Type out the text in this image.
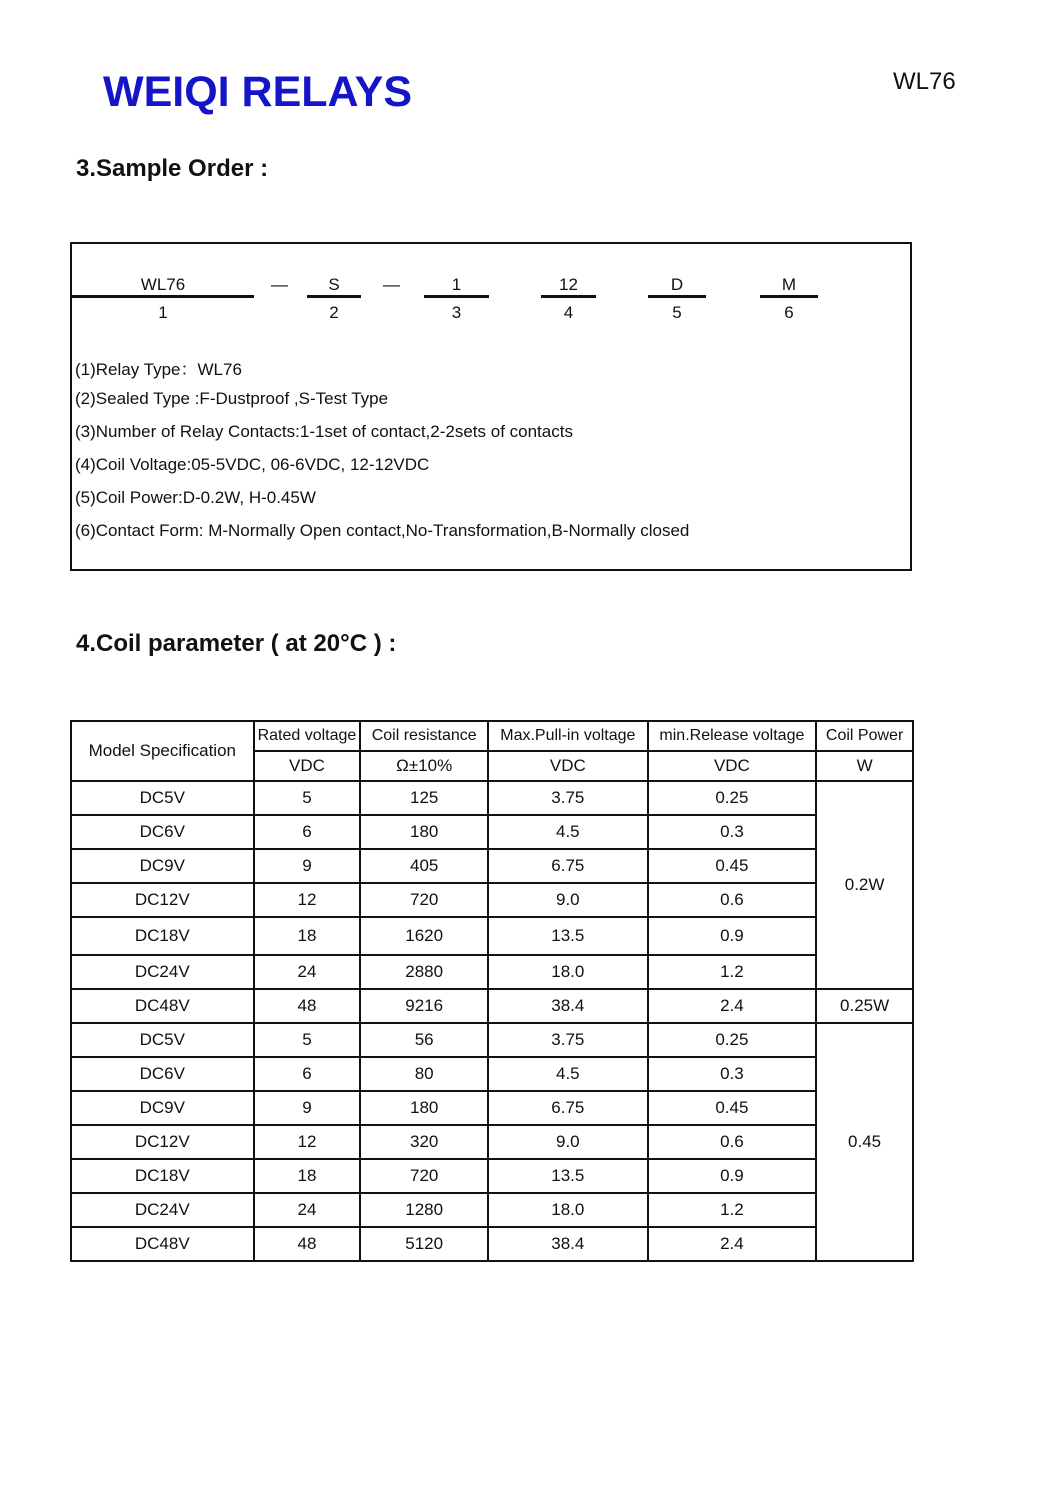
WEIQI RELAYS	WL76
3.Sample Order :
WL76
1
—	S
2
—	1
3
12
4
D
5
M
6
(1)Relay Type：WL76
(2)Sealed Type :F-Dustproof ,S-Test Type
(3)Number of Relay Contacts:1-1set of contact,2-2sets of contacts
(4)Coil Voltage:05-5VDC, 06-6VDC, 12-12VDC
(5)Coil Power:D-0.2W, H-0.45W
(6)Contact Form: M-Normally Open contact,No-Transformation,B-Normally closed
4.Coil parameter ( at 20°C ) :
Model Specification	Rated voltage	Coil resistance	Max.Pull-in voltage	min.Release voltage	Coil Power
	VDC	Ω±10%	VDC	VDC	W
DC5V	5	125	3.75	0.25	0.2W
DC6V	6	180	4.5	0.3	
DC9V	9	405	6.75	0.45	
DC12V	12	720	9.0	0.6	
DC18V	18	1620	13.5	0.9	
DC24V	24	2880	18.0	1.2	
DC48V	48	9216	38.4	2.4	0.25W
DC5V	5	56	3.75	0.25	0.45
DC6V	6	80	4.5	0.3	
DC9V	9	180	6.75	0.45	
DC12V	12	320	9.0	0.6	
DC18V	18	720	13.5	0.9	
DC24V	24	1280	18.0	1.2	
DC48V	48	5120	38.4	2.4	
